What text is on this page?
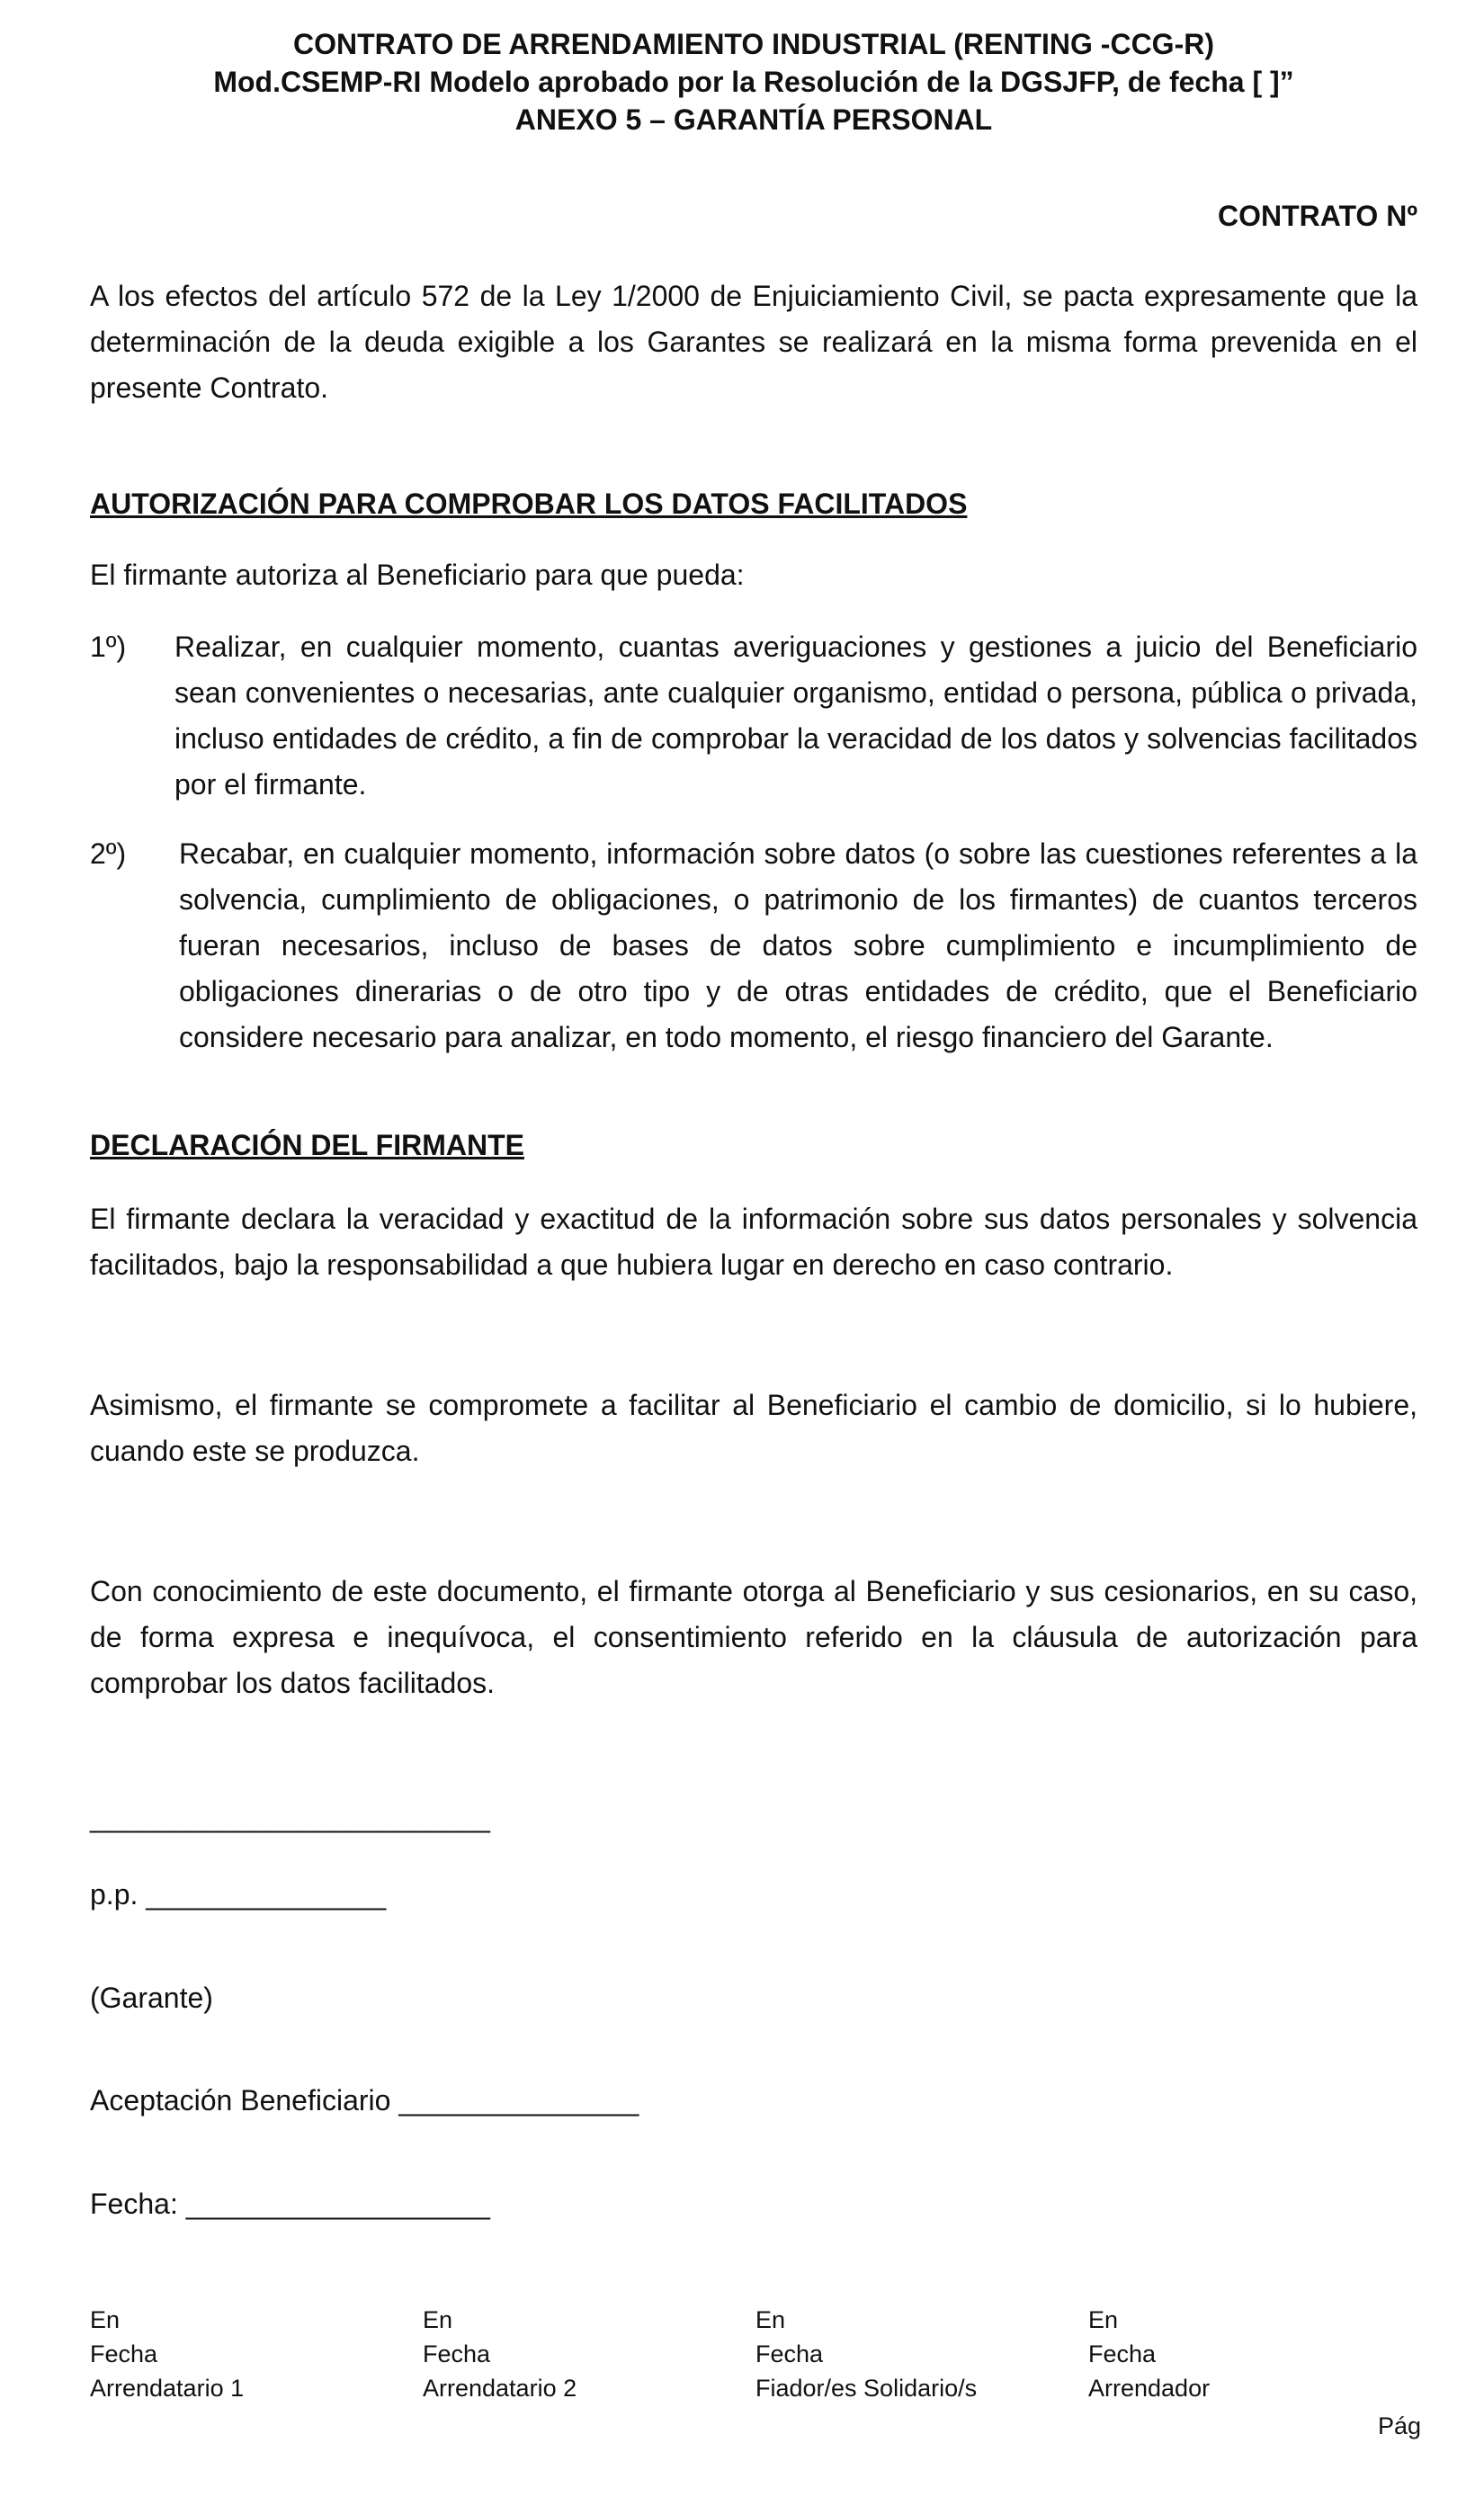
CONTRATO DE ARRENDAMIENTO INDUSTRIAL (RENTING -CCG-R)
Mod.CSEMP-RI Modelo aprobado por la Resolución de la DGSJFP, de fecha [ ]”
ANEXO 5 – GARANTÍA PERSONAL
CONTRATO Nº
A los efectos del artículo 572 de la Ley 1/2000 de Enjuiciamiento Civil, se pacta expresamente que la determinación de la deuda exigible a los Garantes se realizará en la misma forma prevenida en el presente Contrato.
AUTORIZACIÓN PARA COMPROBAR LOS DATOS FACILITADOS
El firmante autoriza al Beneficiario para que pueda:
1º) Realizar, en cualquier momento, cuantas averiguaciones y gestiones a juicio del Beneficiario sean convenientes o necesarias, ante cualquier organismo, entidad o persona, pública o privada, incluso entidades de crédito, a fin de comprobar la veracidad de los datos y solvencias facilitados por el firmante.
2º) Recabar, en cualquier momento, información sobre datos (o sobre las cuestiones referentes a la solvencia, cumplimiento de obligaciones, o patrimonio de los firmantes) de cuantos terceros fueran necesarios, incluso de bases de datos sobre cumplimiento e incumplimiento de obligaciones dinerarias o de otro tipo y de otras entidades de crédito, que el Beneficiario considere necesario para analizar, en todo momento, el riesgo financiero del Garante.
DECLARACIÓN DEL FIRMANTE
El firmante declara la veracidad y exactitud de la información sobre sus datos personales y solvencia facilitados, bajo la responsabilidad a que hubiera lugar en derecho en caso contrario.
Asimismo, el firmante se compromete a facilitar al Beneficiario el cambio de domicilio, si lo hubiere, cuando este se produzca.
Con conocimiento de este documento, el firmante otorga al Beneficiario y sus cesionarios, en su caso, de forma expresa e inequívoca, el consentimiento referido en la cláusula de autorización para comprobar los datos facilitados.
_________________________
p.p. _______________
(Garante)
Aceptación Beneficiario _______________
Fecha: ___________________
En
Fecha
Arrendatario 1
En
Fecha
Arrendatario 2
En
Fecha
Fiador/es Solidario/s
En
Fecha
Arrendador
Pág
